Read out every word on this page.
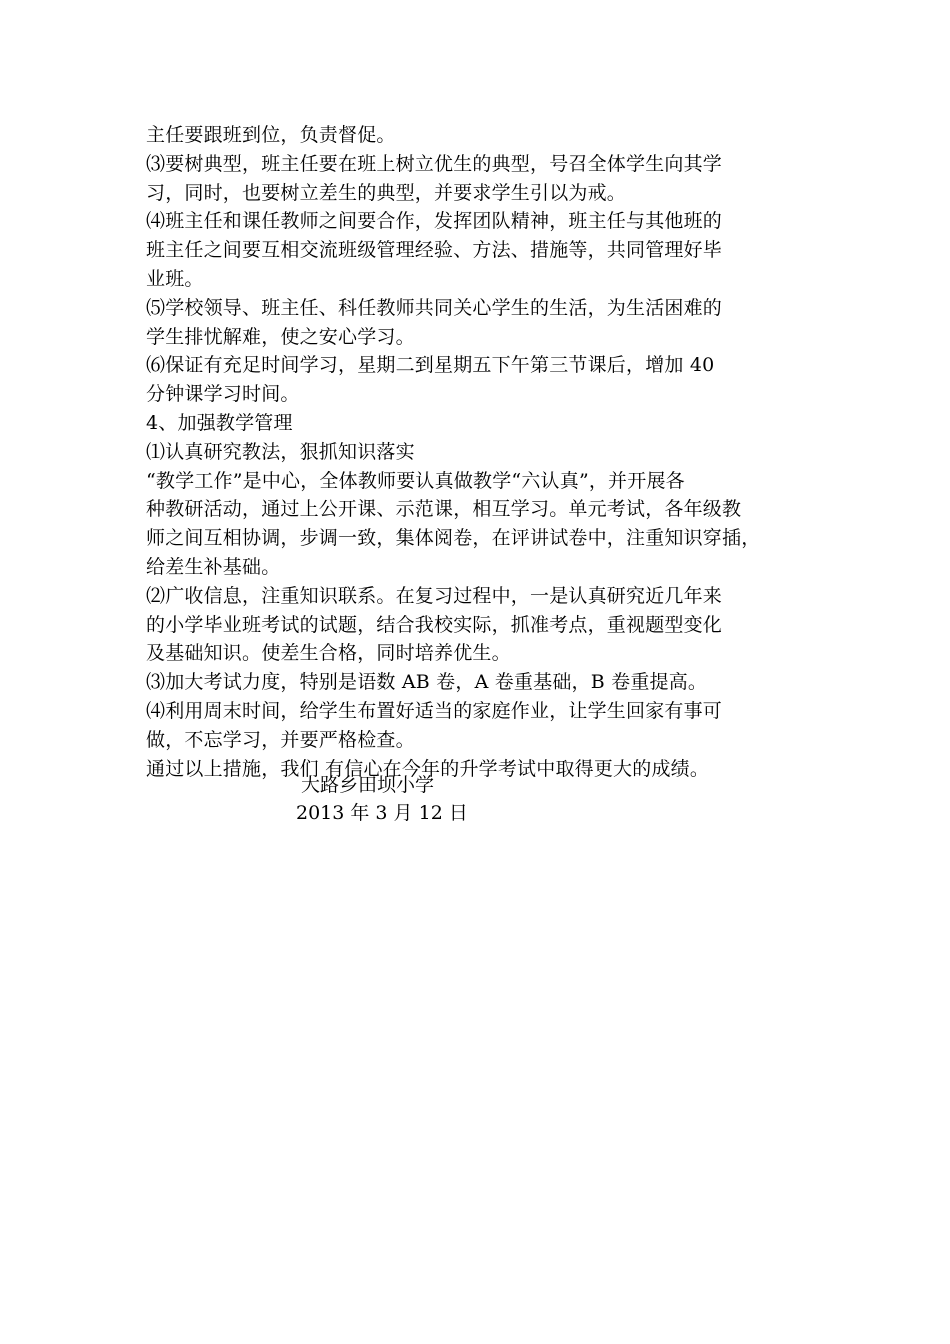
主任要跟班到位，负责督促。

⑶要树典型，班主任要在班上树立优生的典型，号召全体学生向其学

习，同时，也要树立差生的典型，并要求学生引以为戒。

⑷班主任和课任教师之间要合作，发挥团队精神，班主任与其他班的

班主任之间要互相交流班级管理经验、方法、措施等，共同管理好毕

业班。

⑸学校领导、班主任、科任教师共同关心学生的生活，为生活困难的

学生排忧解难，使之安心学习。

⑹保证有充足时间学习，星期二到星期五下午第三节课后，增加 40

分钟课学习时间。

4、加强教学管理

⑴认真研究教法，狠抓知识落实

“教学工作”是中心，全体教师要认真做教学“六认真”，并开展各

种教研活动，通过上公开课、示范课，相互学习。单元考试，各年级教

师之间互相协调，步调一致，集体阅卷，在评讲试卷中，注重知识穿插，

给差生补基础。

⑵广收信息，注重知识联系。在复习过程中，一是认真研究近几年来

的小学毕业班考试的试题，结合我校实际，抓准考点，重视题型变化

及基础知识。使差生合格，同时培养优生。

⑶加大考试力度，特别是语数 AB 卷，A 卷重基础，B 卷重提高。

⑷利用周末时间，给学生布置好适当的家庭作业，让学生回家有事可

做，不忘学习，并要严格检查。

通过以上措施，我们 有信心在今年的升学考试中取得更大的成绩。

大路乡田坝小学
2013 年 3 月 12 日
